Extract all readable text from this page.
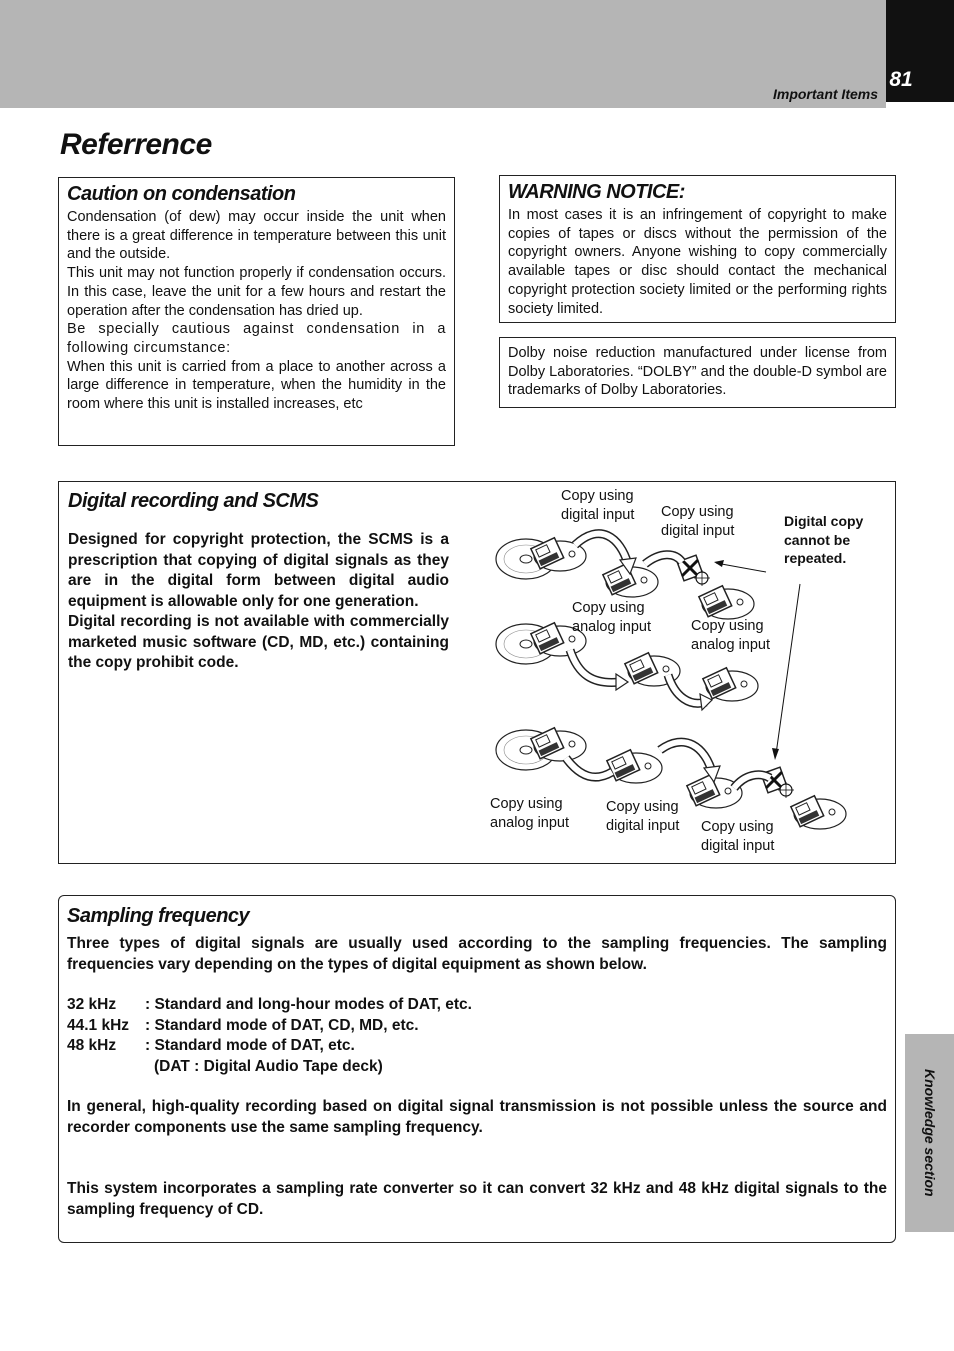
81
Important Items
Referrence
Caution on condensation

Condensation (of dew) may occur inside the unit when there is a great difference in temperature between this unit and the outside.

This unit may not function properly if condensation occurs. In this case, leave the unit for a few hours and restart the operation after the condensation has dried up.

Be specially cautious against condensation in a following circumstance:

When this unit is carried from a place to another across a large difference in temperature, when the humidity in the room where this unit is installed increases, etc

WARNING NOTICE:

In most cases it is an infringement of copyright to make copies of tapes or discs without the permission of the copyright owners. Anyone wishing to copy commercially available tapes or disc should contact the mechanical copyright protection society limited or the performing rights society limited.

Dolby noise reduction manufactured under license from Dolby Laboratories. “DOLBY” and the double-D symbol are trademarks of Dolby Laboratories.

Digital recording and SCMS

Designed for copyright protection, the SCMS is a prescription that copying of digital signals as they are in the digital form between digital audio equipment is allowable only for one generation.

Digital recording is not available with commercially marketed music software (CD, MD, etc.) containing the copy prohibit code.

Copy using
digital input Copy using
digital input
Digital copy
cannot be
repeated.
Copy using
analog input	Copy using
analog input
Copy using
analog input
Copy using
digital input Copy using
digital input
Sampling frequency

Three types of digital signals are usually used according to the sampling frequencies. The sampling frequencies vary depending on the types of digital equipment as shown below.

32 kHz	: Standard and long-hour modes of DAT, etc.
44.1 kHz	: Standard mode of DAT, CD, MD, etc.
48 kHz	: Standard mode of DAT, etc.
(DAT : Digital Audio Tape deck)

In general, high-quality recording based on digital signal transmission is not possible unless the source and recorder components use the same sampling frequency.

This system incorporates a sampling rate converter so it can convert 32 kHz and 48 kHz digital signals to the sampling frequency of CD.

Knowledge section
